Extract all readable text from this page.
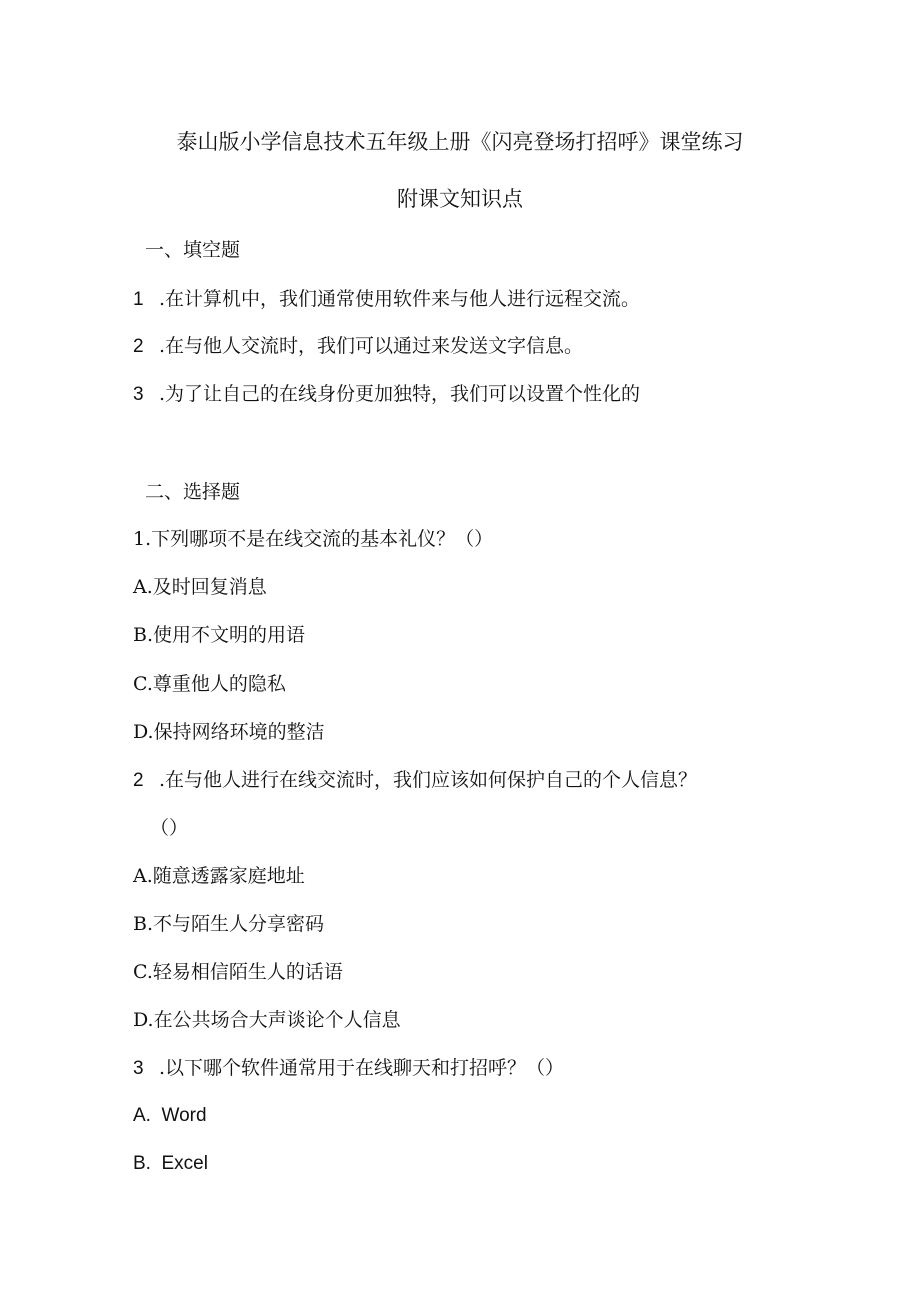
泰山版小学信息技术五年级上册《闪亮登场打招呼》课堂练习
附课文知识点
一、填空题
1 .在计算机中，我们通常使用软件来与他人进行远程交流。
2 .在与他人交流时，我们可以通过来发送文字信息。
3 .为了让自己的在线身份更加独特，我们可以设置个性化的
二、选择题
1.下列哪项不是在线交流的基本礼仪？（）
A.及时回复消息
B.使用不文明的用语
C.尊重他人的隐私
D.保持网络环境的整洁
2 .在与他人进行在线交流时，我们应该如何保护自己的个人信息？
（）
A.随意透露家庭地址
B.不与陌生人分享密码
C.轻易相信陌生人的话语
D.在公共场合大声谈论个人信息
3 .以下哪个软件通常用于在线聊天和打招呼？（）
A.  Word
B.  Excel
